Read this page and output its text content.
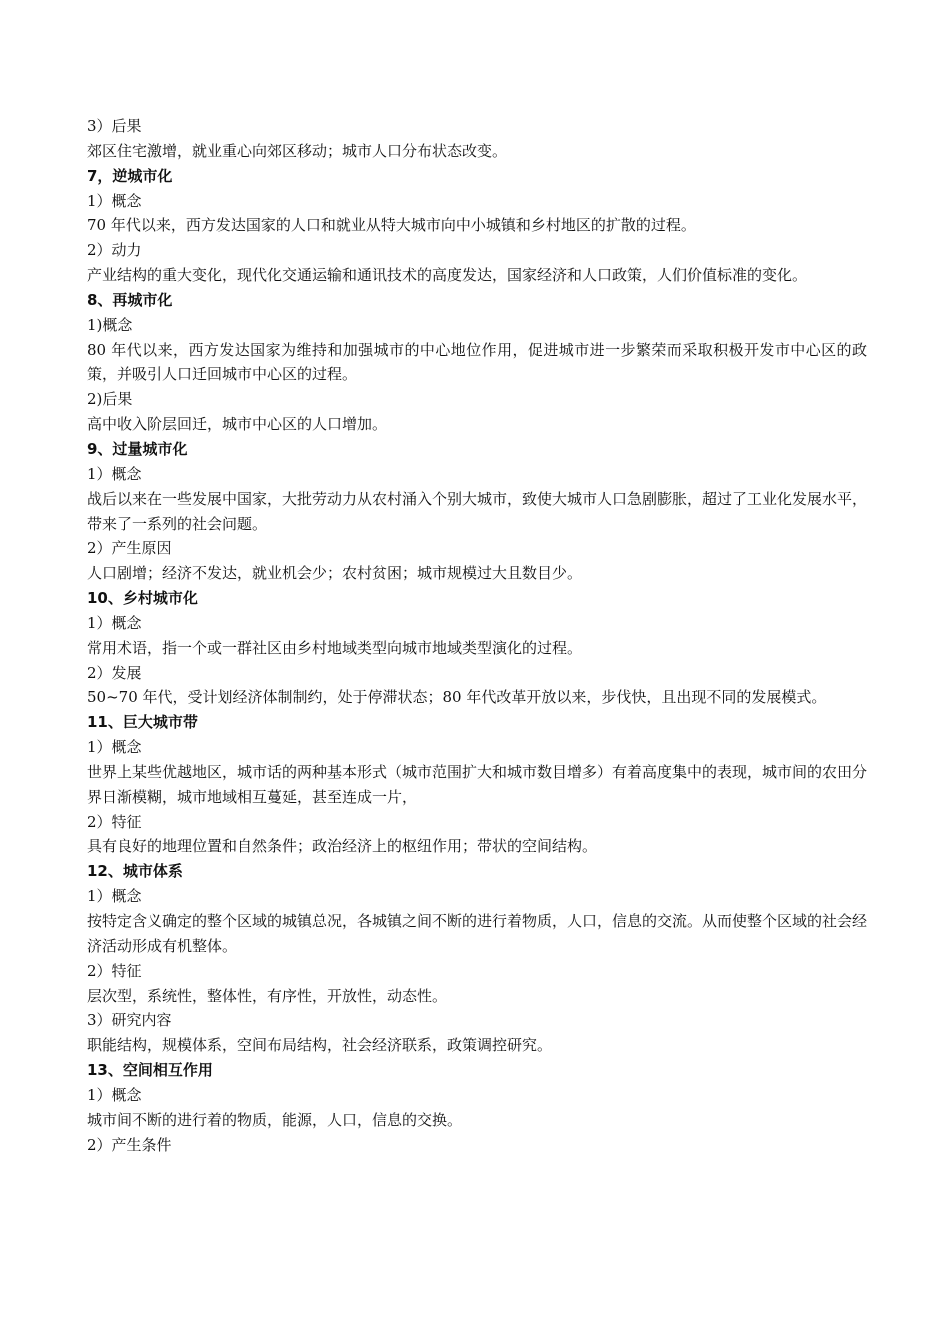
3）后果

郊区住宅激增，就业重心向郊区移动；城市人口分布状态改变。

7，逆城市化

1）概念

70 年代以来，西方发达国家的人口和就业从特大城市向中小城镇和乡村地区的扩散的过程。

2）动力

产业结构的重大变化，现代化交通运输和通讯技术的高度发达，国家经济和人口政策，人们价值标准的变化。

8、再城市化

1)概念

80 年代以来，西方发达国家为维持和加强城市的中心地位作用，促进城市进一步繁荣而采取积极开发市中心区的政策，并吸引人口迁回城市中心区的过程。

2)后果

高中收入阶层回迁，城市中心区的人口增加。

9、过量城市化

1）概念

战后以来在一些发展中国家，大批劳动力从农村涌入个别大城市，致使大城市人口急剧膨胀，超过了工业化发展水平，带来了一系列的社会问题。

2）产生原因

人口剧增；经济不发达，就业机会少；农村贫困；城市规模过大且数目少。

10、乡村城市化

1）概念

常用术语，指一个或一群社区由乡村地域类型向城市地域类型演化的过程。

2）发展

50~70 年代，受计划经济体制制约，处于停滞状态；80 年代改革开放以来，步伐快，且出现不同的发展模式。

11、巨大城市带

1）概念

世界上某些优越地区，城市话的两种基本形式（城市范围扩大和城市数目增多）有着高度集中的表现，城市间的农田分界日渐模糊，城市地域相互蔓延，甚至连成一片，

2）特征

具有良好的地理位置和自然条件；政治经济上的枢纽作用；带状的空间结构。

12、城市体系

1）概念

按特定含义确定的整个区域的城镇总况，各城镇之间不断的进行着物质，人口，信息的交流。从而使整个区域的社会经济活动形成有机整体。

2）特征

层次型，系统性，整体性，有序性，开放性，动态性。

3）研究内容

职能结构，规模体系，空间布局结构，社会经济联系，政策调控研究。

13、空间相互作用

1）概念

城市间不断的进行着的物质，能源，人口，信息的交换。

2）产生条件
